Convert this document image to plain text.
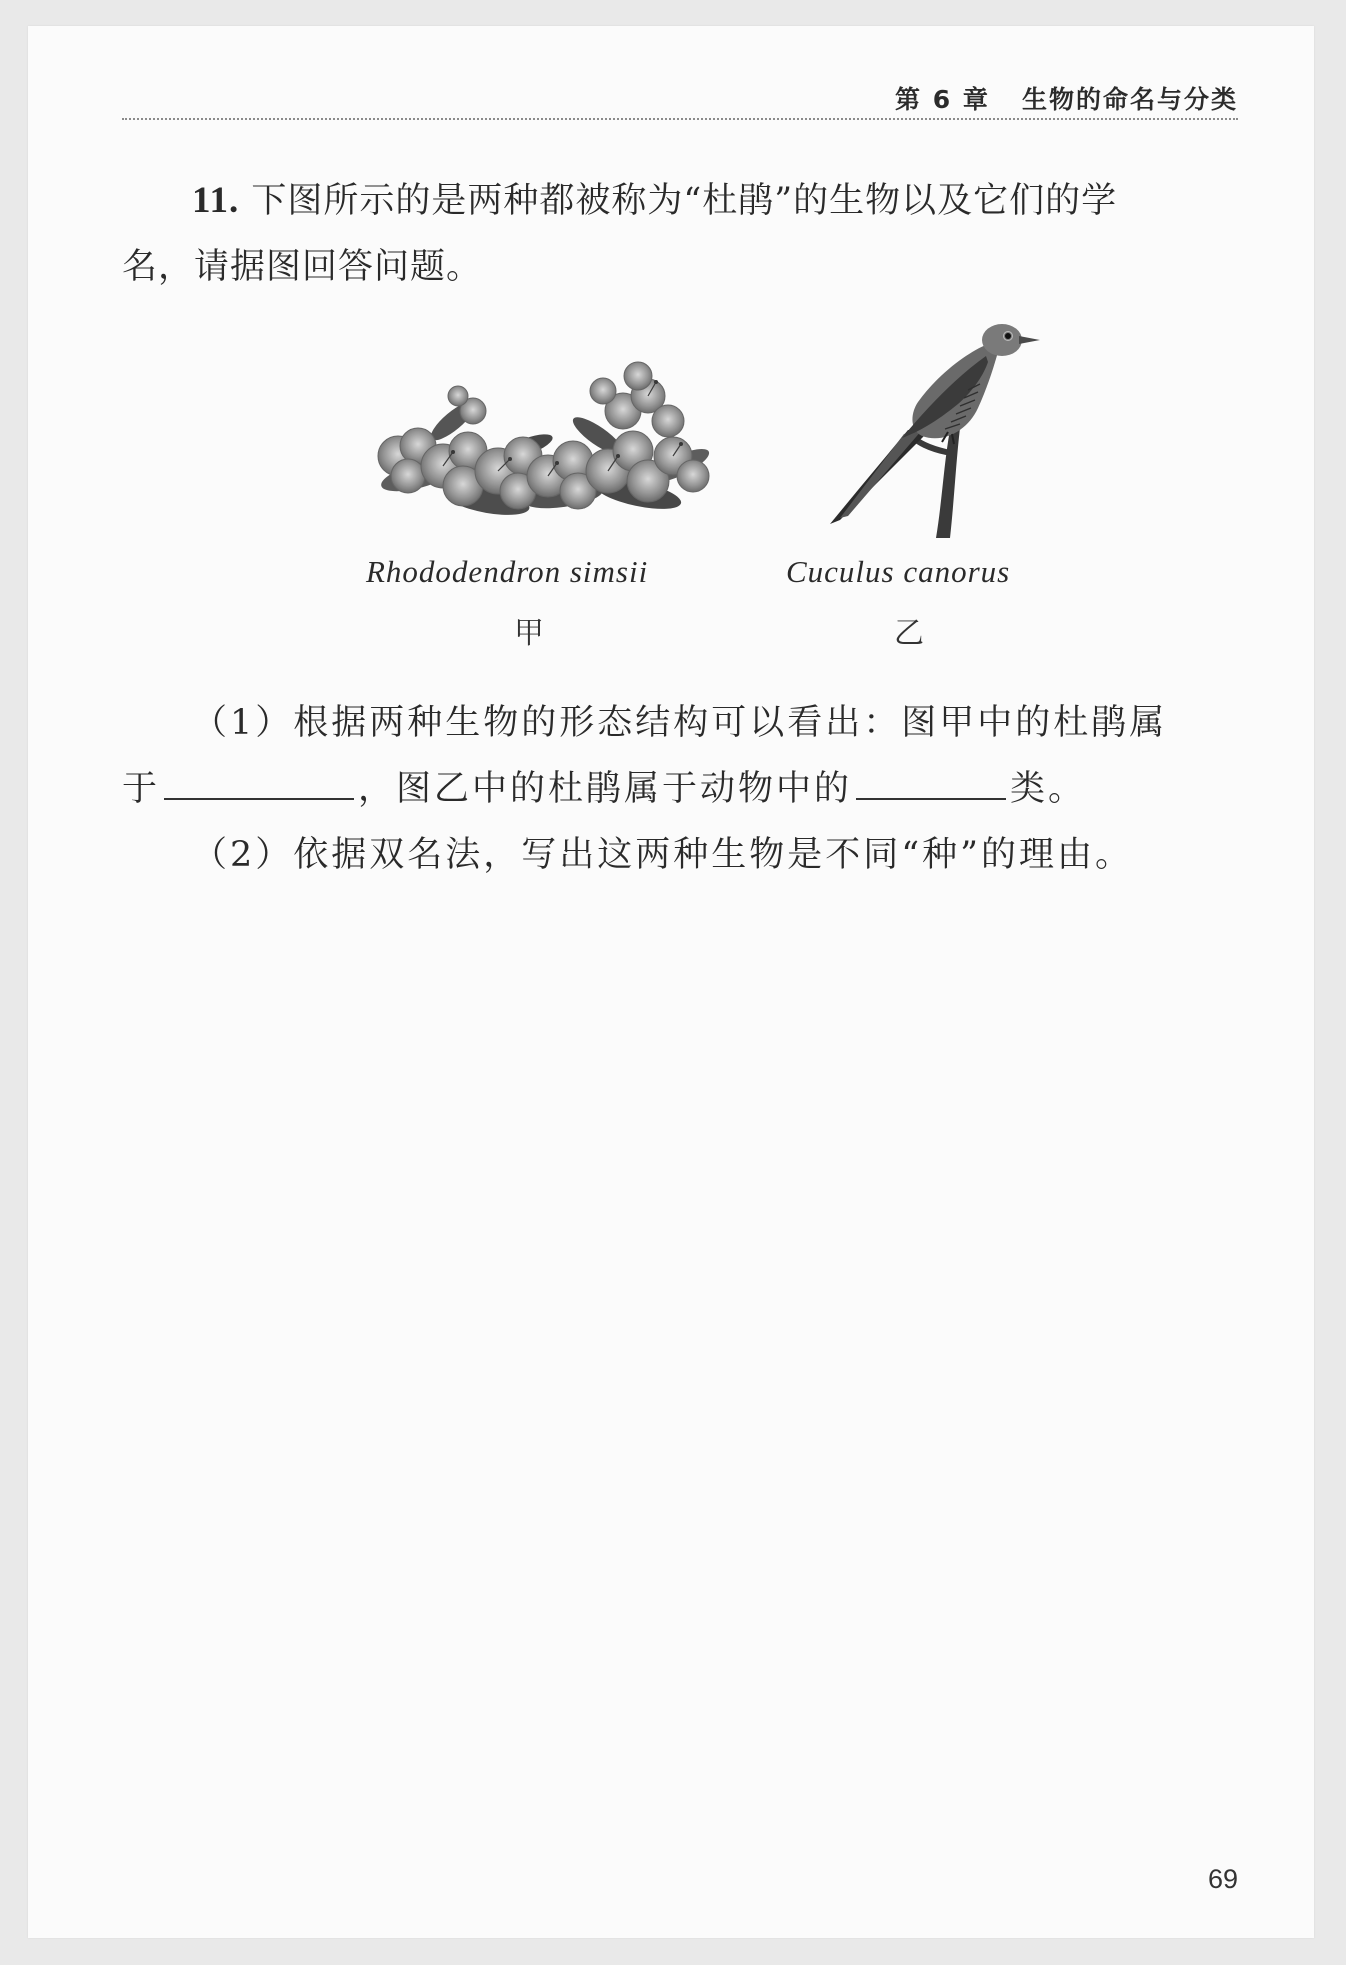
第 6 章 生物的命名与分类

11. 下图所示的是两种都被称为“杜鹃”的生物以及它们的学

名，请据图回答问题。

Rhododendron simsii	Cuculus canorus
甲	乙

（1）根据两种生物的形态结构可以看出：图甲中的杜鹃属

于	，图乙中的杜鹃属于动物中的	类。

（2）依据双名法，写出这两种生物是不同“种”的理由。

69
